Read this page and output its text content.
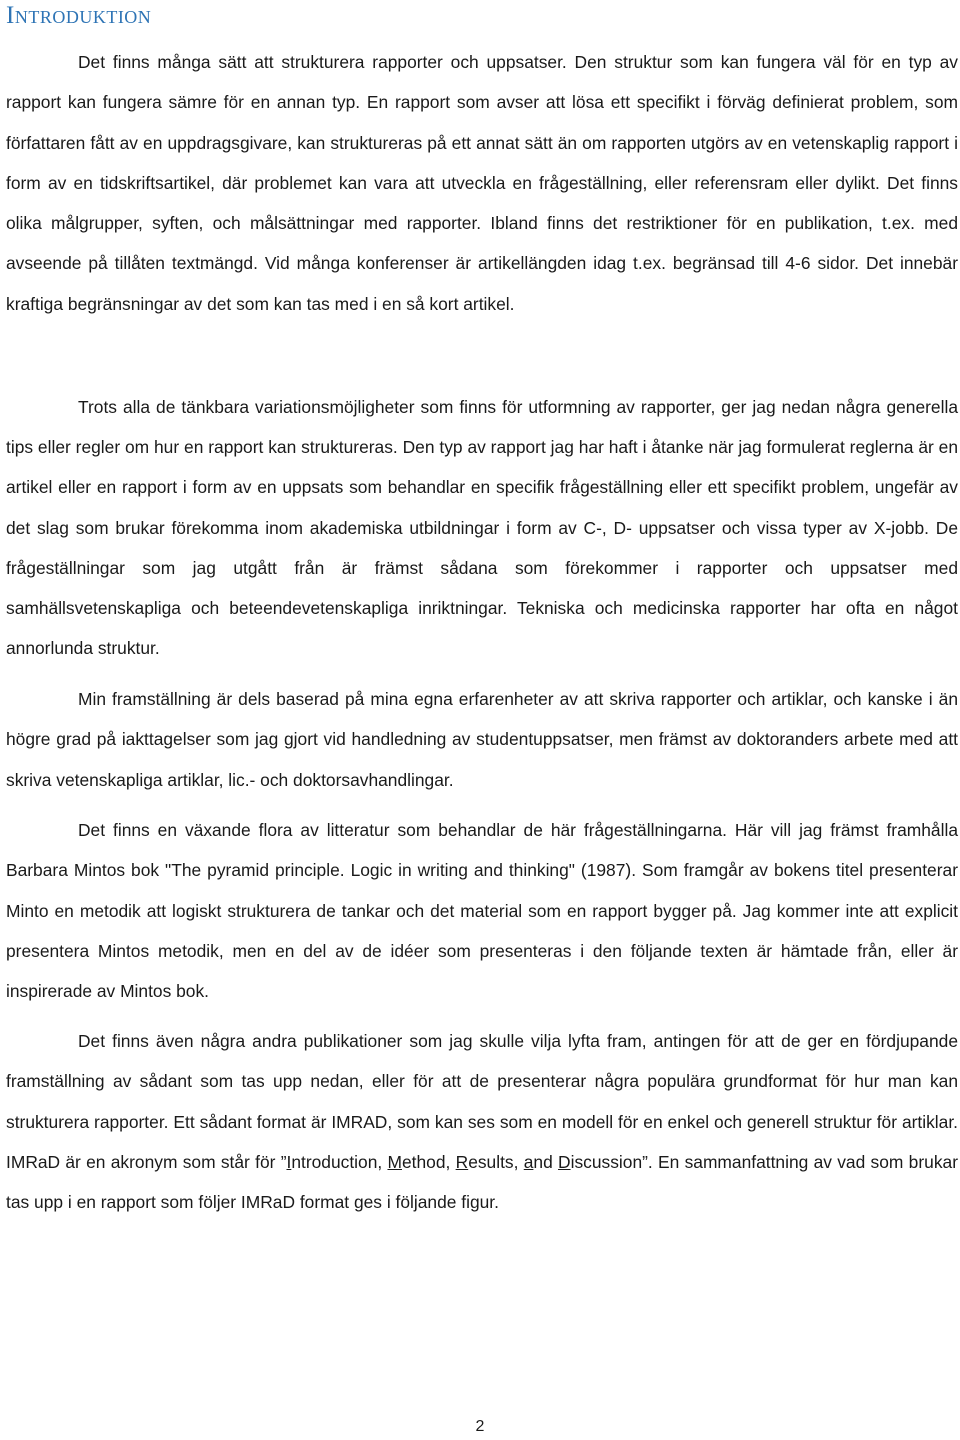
Introduktion

Det finns många sätt att strukturera rapporter och uppsatser. Den struktur som kan fungera väl för en typ av rapport kan fungera sämre för en annan typ. En rapport som avser att lösa ett specifikt i förväg definierat problem, som författaren fått av en uppdragsgivare, kan struktureras på ett annat sätt än om rapporten utgörs av en vetenskaplig rapport i form av en tidskriftsartikel, där problemet kan vara att utveckla en frågeställning, eller referensram eller dylikt. Det finns olika målgrupper, syften, och målsättningar med rapporter. Ibland finns det restriktioner för en publikation, t.ex. med avseende på tillåten textmängd. Vid många konferenser är artikellängden idag t.ex. begränsad till 4-6 sidor. Det innebär kraftiga begränsningar av det som kan tas med i en så kort artikel.

Trots alla de tänkbara variationsmöjligheter som finns för utformning av rapporter, ger jag nedan några generella tips eller regler om hur en rapport kan struktureras. Den typ av rapport jag har haft i åtanke när jag formulerat reglerna är en artikel eller en rapport i form av en uppsats som behandlar en specifik frågeställning eller ett specifikt problem, ungefär av det slag som brukar förekomma inom akademiska utbildningar i form av C-, D- uppsatser och vissa typer av X-jobb. De frågeställningar som jag utgått från är främst sådana som förekommer i rapporter och uppsatser med samhällsvetenskapliga och beteendevetenskapliga inriktningar. Tekniska och medicinska rapporter har ofta en något annorlunda struktur.

Min framställning är dels baserad på mina egna erfarenheter av att skriva rapporter och artiklar, och kanske i än högre grad på iakttagelser som jag gjort vid handledning av studentuppsatser, men främst av doktoranders arbete med att skriva vetenskapliga artiklar, lic.- och doktorsavhandlingar.

Det finns en växande flora av litteratur som behandlar de här frågeställningarna. Här vill jag främst framhålla Barbara Mintos bok "The pyramid principle. Logic in writing and thinking" (1987). Som framgår av bokens titel presenterar Minto en metodik att logiskt strukturera de tankar och det material som en rapport bygger på. Jag kommer inte att explicit presentera Mintos metodik, men en del av de idéer som presenteras i den följande texten är hämtade från, eller är inspirerade av Mintos bok.

Det finns även några andra publikationer som jag skulle vilja lyfta fram, antingen för att de ger en fördjupande framställning av sådant som tas upp nedan, eller för att de presenterar några populära grundformat för hur man kan strukturera rapporter. Ett sådant format är IMRAD, som kan ses som en modell för en enkel och generell struktur för artiklar. IMRaD är en akronym som står för ”Introduction, Method, Results, and Discussion”. En sammanfattning av vad som brukar tas upp i en rapport som följer IMRaD format ges i följande figur.

2
